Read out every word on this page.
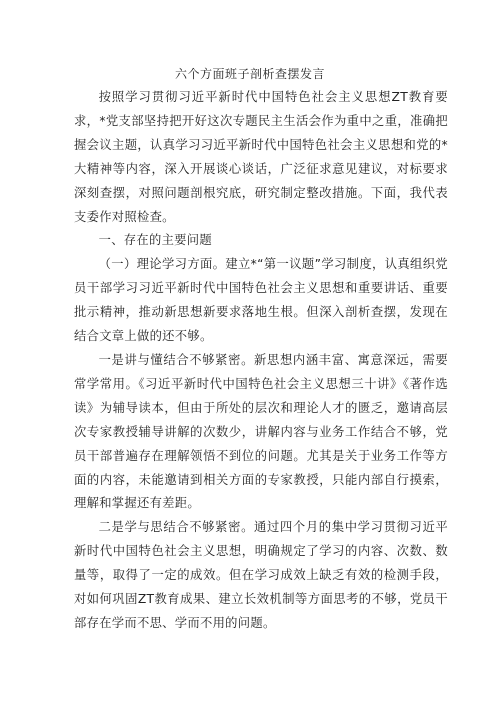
六个方面班子剖析查摆发言

按照学习贯彻习近平新时代中国特色社会主义思想ZT教育要求，*党支部坚持把开好这次专题民主生活会作为重中之重，准确把握会议主题，认真学习习近平新时代中国特色社会主义思想和党的*大精神等内容，深入开展谈心谈话，广泛征求意见建议，对标要求深刻查摆，对照问题剖根究底，研究制定整改措施。下面，我代表支委作对照检查。

一、存在的主要问题

（一）理论学习方面。建立*“第一议题”学习制度，认真组织党员干部学习习近平新时代中国特色社会主义思想和重要讲话、重要批示精神，推动新思想新要求落地生根。但深入剖析查摆，发现在结合文章上做的还不够。

一是讲与懂结合不够紧密。新思想内涵丰富、寓意深远，需要常学常用。《习近平新时代中国特色社会主义思想三十讲》《著作选读》为辅导读本，但由于所处的层次和理论人才的匮乏，邀请高层次专家教授辅导讲解的次数少，讲解内容与业务工作结合不够，党员干部普遍存在理解领悟不到位的问题。尤其是关于业务工作等方面的内容，未能邀请到相关方面的专家教授，只能内部自行摸索，理解和掌握还有差距。

二是学与思结合不够紧密。通过四个月的集中学习贯彻习近平新时代中国特色社会主义思想，明确规定了学习的内容、次数、数量等，取得了一定的成效。但在学习成效上缺乏有效的检测手段，对如何巩固ZT教育成果、建立长效机制等方面思考的不够，党员干部存在学而不思、学而不用的问题。
